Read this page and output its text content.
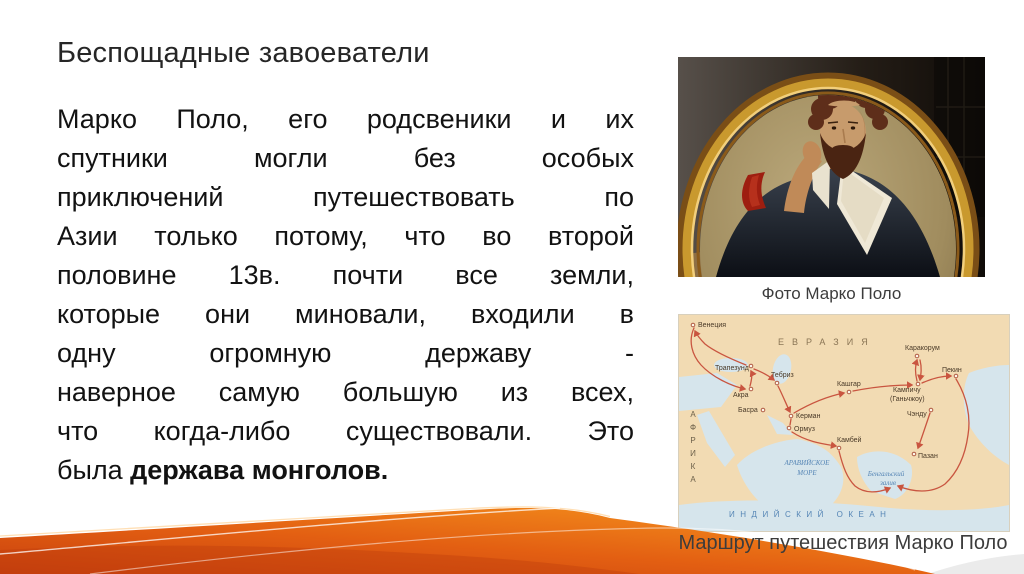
Беспощадные завоеватели
Марко Поло, его родсвеники и их
спутники могли без особых
приключений путешествовать по
Азии только потому, что во второй
половине 13в. почти все земли,
которые они миновали, входили в
одну огромную державу -
наверное самую большую из всех,
что когда-либо существовали. Это
была держава монголов.
Фото Марко Поло
ЕВРАЗИЯ
АФРИКА	АРАВИЙСКОЕ
МОРЕ	Бенгальский
залив
ИНДИЙСКИЙ ОКЕАН
Венеция
Трапезунд
Тебриз
Акра
Басра
Керман
Ормуз
Кашгар
Каракорум
Кампичу
(Ганьчжоу)
Пекин
Чэнду
Камбей
Пазан
Маршрут путешествия Марко Поло
